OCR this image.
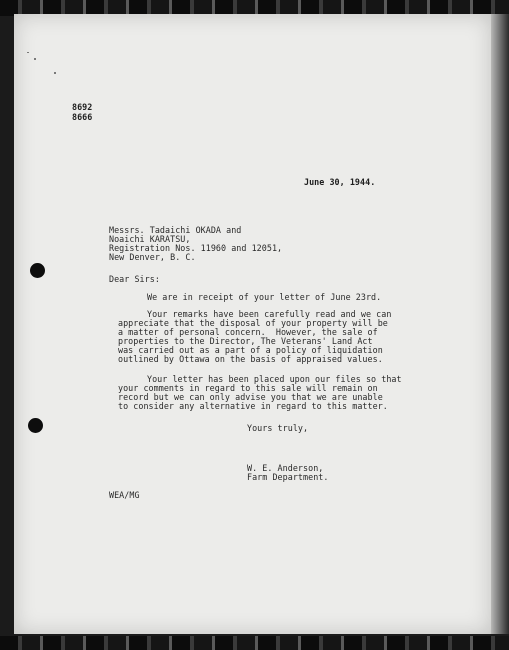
8692
8666
June 30, 1944.
Messrs. Tadaichi OKADA and
Noaichi KARATSU,
Registration Nos. 11960 and 12051,
New Denver, B. C.
Dear Sirs:
We are in receipt of your letter of June 23rd.
Your remarks have been carefully read and we can
appreciate that the disposal of your property will be
a matter of personal concern.  However, the sale of
properties to the Director, The Veterans' Land Act
was carried out as a part of a policy of liquidation
outlined by Ottawa on the basis of appraised values.
Your letter has been placed upon our files so that
your comments in regard to this sale will remain on
record but we can only advise you that we are unable
to consider any alternative in regard to this matter.
Yours truly,
W. E. Anderson,
Farm Department.
WEA/MG
